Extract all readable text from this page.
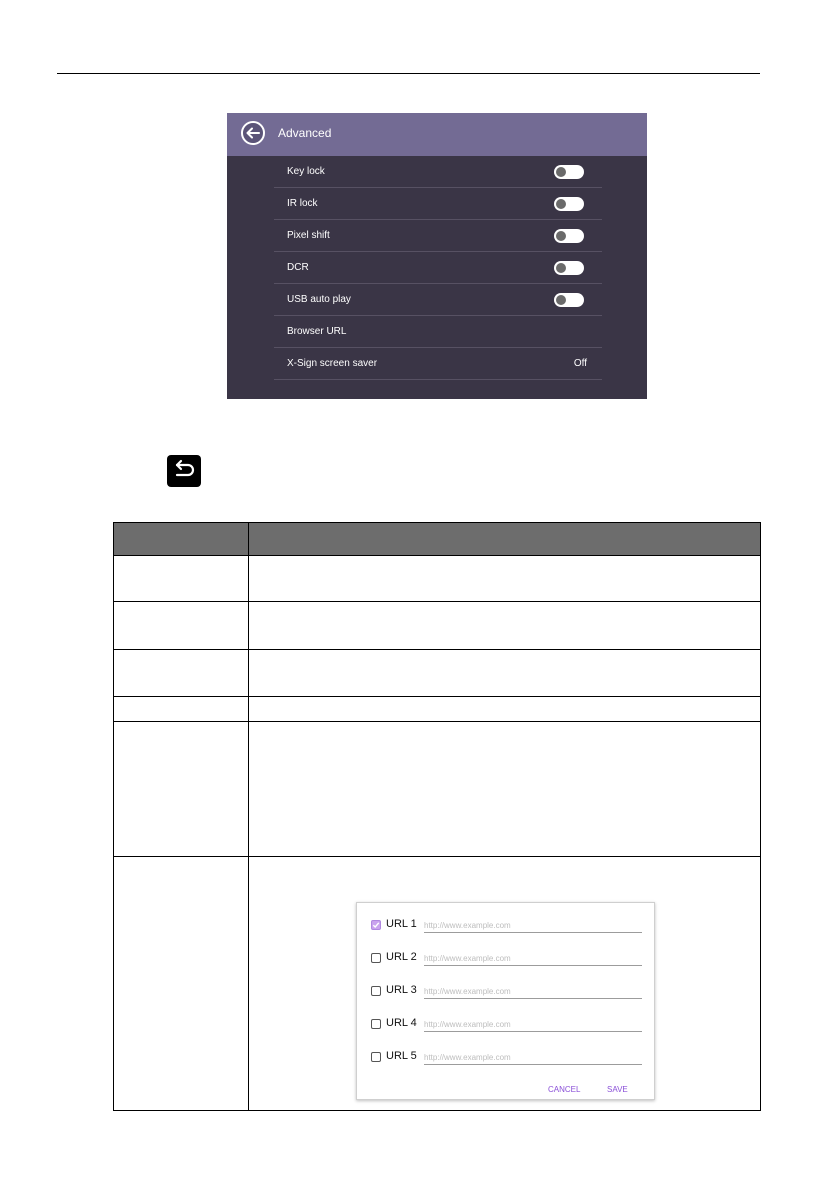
Advanced
Key lock
IR lock
Pixel shift
DCR
USB auto play
Browser URL
X-Sign screen saver	Off
URL 1
http://www.example.com
URL 2
http://www.example.com
URL 3
http://www.example.com
URL 4
http://www.example.com
URL 5
http://www.example.com
CANCEL	SAVE
